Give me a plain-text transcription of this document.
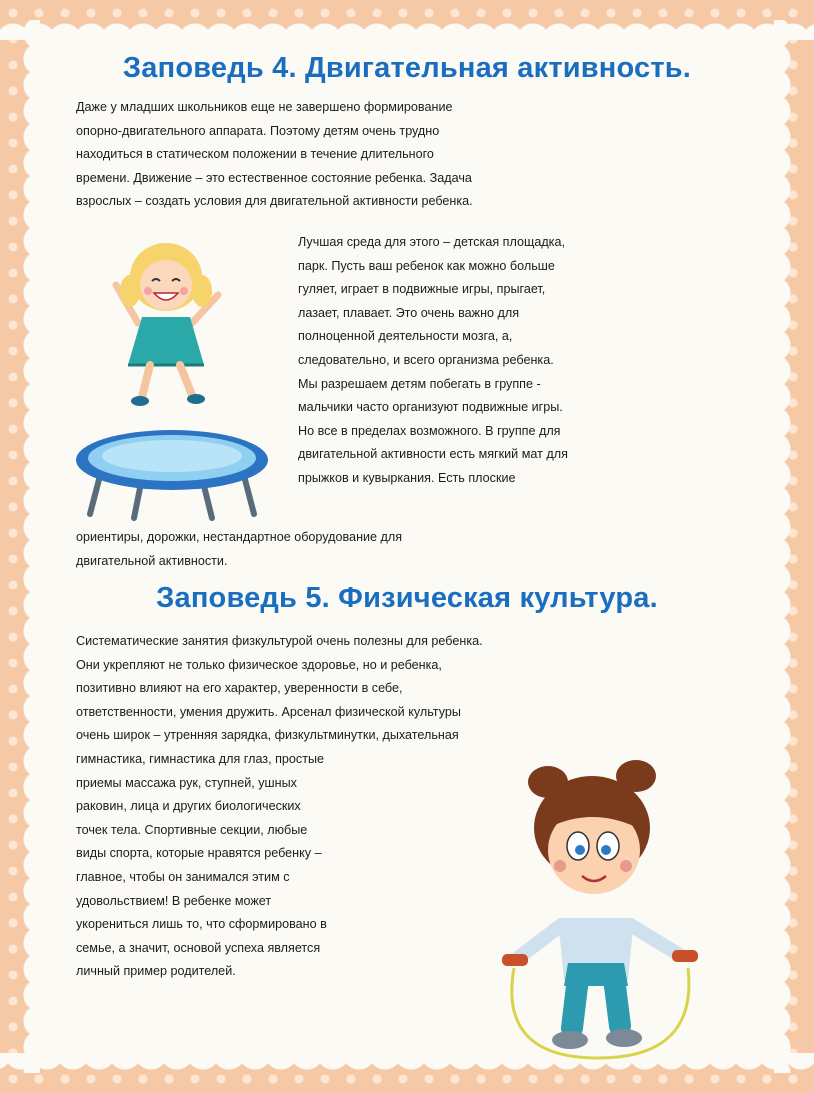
Заповедь 4. Двигательная активность.
Даже у младших школьников еще не завершено формирование
опорно-двигательного аппарата. Поэтому детям очень трудно
находиться в статическом положении в течение длительного
времени. Движение – это естественное состояние ребенка. Задача
взрослых – создать условия для двигательной активности ребенка.
Лучшая среда для этого – детская площадка,
парк. Пусть ваш ребенок как можно больше
гуляет, играет в подвижные игры, прыгает,
лазает, плавает. Это очень важно для
полноценной деятельности мозга, а,
следовательно, и всего организма ребенка.
Мы разрешаем детям побегать в группе -
мальчики часто организуют подвижные игры.
Но все в пределах возможного. В группе для
двигательной активности есть мягкий мат для
прыжков и кувыркания. Есть плоские
ориентиры, дорожки, нестандартное оборудование для
двигательной активности.
Заповедь 5. Физическая культура.
Систематические занятия физкультурой очень полезны для ребенка.
Они укрепляют не только физическое здоровье, но и ребенка,
позитивно влияют на его характер, уверенности в себе,
ответственности, умения дружить. Арсенал физической культуры
очень широк – утренняя зарядка, физкультминутки, дыхательная
гимнастика, гимнастика для глаз, простые
приемы массажа рук, ступней, ушных
раковин, лица и других биологических
точек тела. Спортивные секции, любые
виды спорта, которые нравятся ребенку –
главное, чтобы он занимался этим с
удовольствием! В ребенке может
укорениться лишь то, что сформировано в
семье, а значит, основой успеха является
личный пример родителей.
